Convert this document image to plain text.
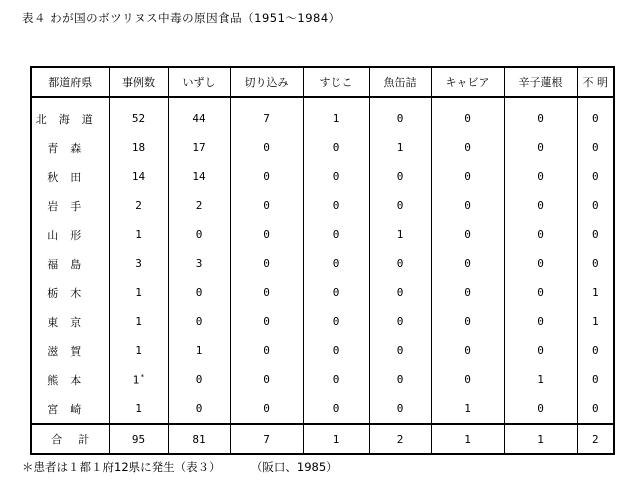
表４ わが国のボツリヌス中毒の原因食品（1951～1984）
都道府県	事例数	いずし	切り込み	すじこ	魚缶詰	キャビア	辛子蓮根	不 明
北海道	52	44	7	1	0	0	0	0
青森	18	17	0	0	1	0	0	0
秋田	14	14	0	0	0	0	0	0
岩手	2	2	0	0	0	0	0	0
山形	1	0	0	0	1	0	0	0
福島	3	3	0	0	0	0	0	0
栃木	1	0	0	0	0	0	0	1
東京	1	0	0	0	0	0	0	1
滋賀	1	1	0	0	0	0	0	0
熊本	1*	0	0	0	0	0	1	0
宮崎	1	0	0	0	0	1	0	0
合計	95	81	7	1	2	1	1	2
＊患者は１都１府12県に発生（表３）	（阪口、1985）
